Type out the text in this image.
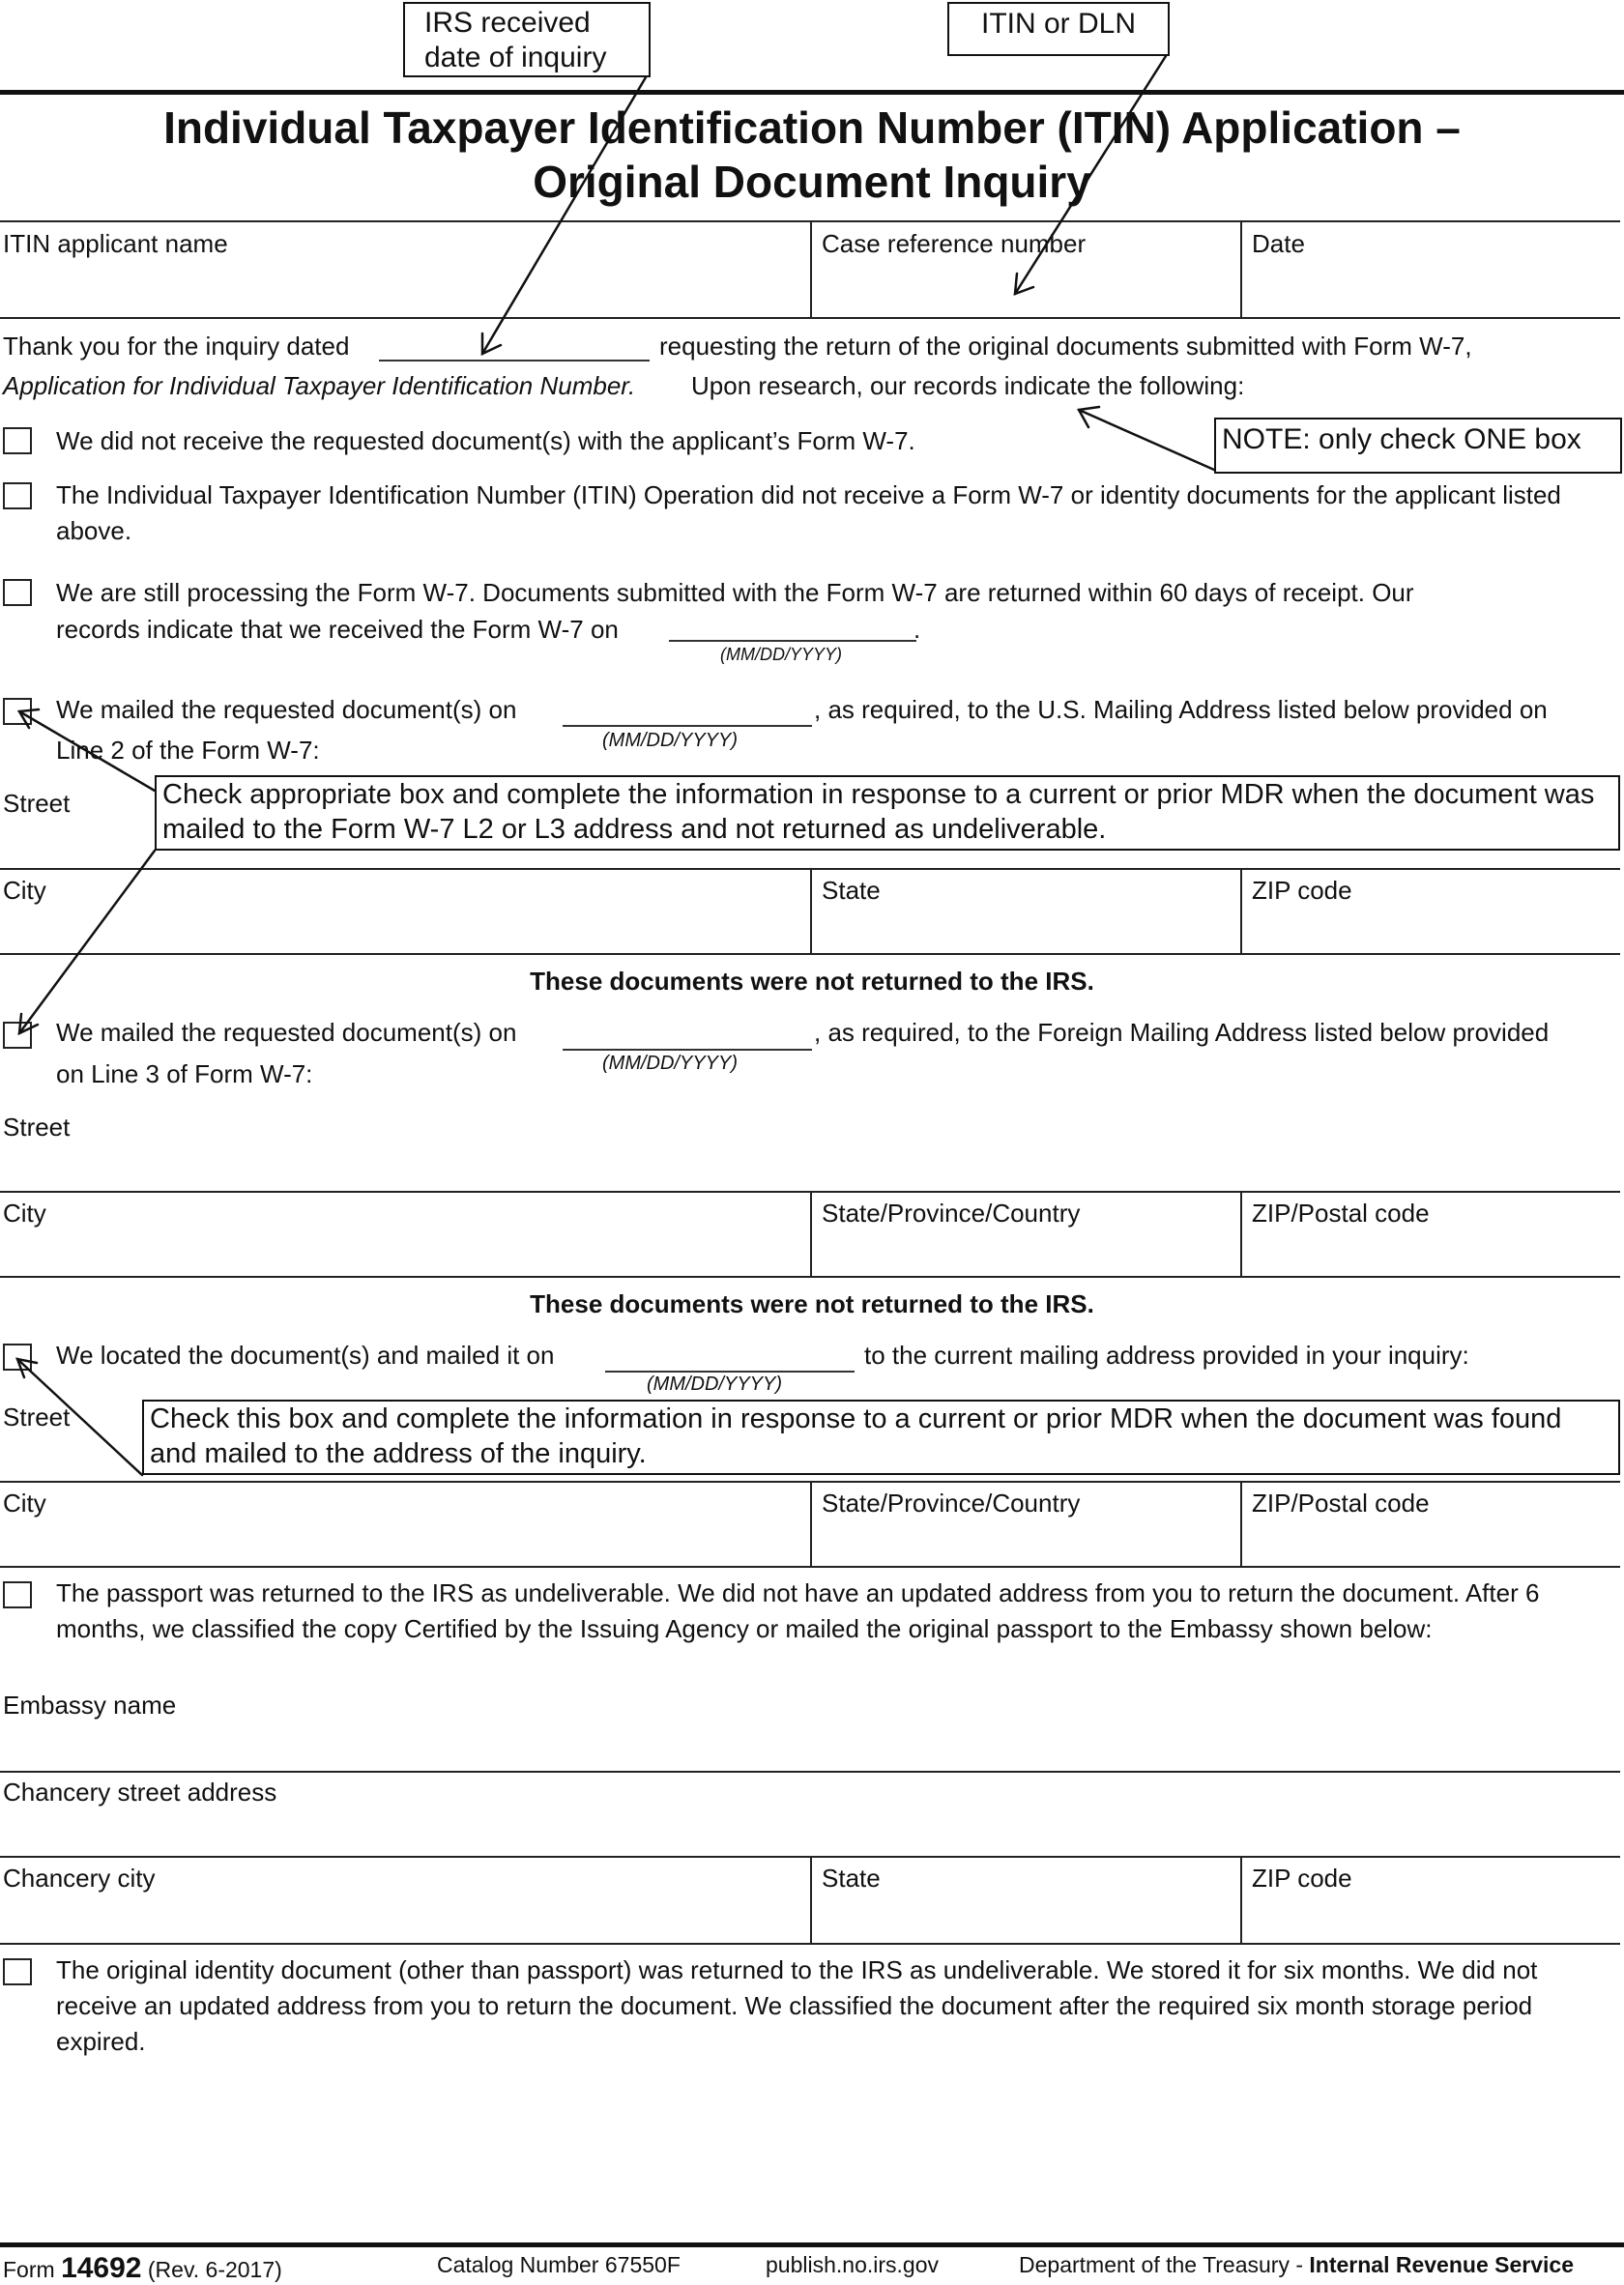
IRS received date of inquiry
ITIN or DLN
Individual Taxpayer Identification Number (ITIN) Application –
Original Document Inquiry
ITIN applicant name	Case reference number	Date
Thank you for the inquiry dated	requesting the return of the original documents submitted with Form W-7,
Application for Individual Taxpayer Identification Number. Upon research, our records indicate the following:
NOTE: only check ONE box
We did not receive the requested document(s) with the applicant’s Form W-7.
The Individual Taxpayer Identification Number (ITIN) Operation did not receive a Form W-7 or identity documents for the applicant listed above.
We are still processing the Form W-7. Documents submitted with the Form W-7 are returned within 60 days of receipt. Our
records indicate that we received the Form W-7 on	.
(MM/DD/YYYY)
We mailed the requested document(s) on	, as required, to the U.S. Mailing Address listed below provided on
(MM/DD/YYYY)
Line 2 of the Form W-7:
Street	Check appropriate box and complete the information in response to a current or prior MDR when the document was mailed to the Form W-7 L2 or L3 address and not returned as undeliverable.
City	State	ZIP code
These documents were not returned to the IRS.
We mailed the requested document(s) on	, as required, to the Foreign Mailing Address listed below provided
(MM/DD/YYYY)
on Line 3 of Form W-7:
Street
City	State/Province/Country	ZIP/Postal code
These documents were not returned to the IRS.
We located the document(s) and mailed it on	to the current mailing address provided in your inquiry:
(MM/DD/YYYY)
Street	Check this box and complete the information in response to a current or prior MDR when the document was found and mailed to the address of the inquiry.
City	State/Province/Country	ZIP/Postal code
The passport was returned to the IRS as undeliverable. We did not have an updated address from you to return the document. After 6 months, we classified the copy Certified by the Issuing Agency or mailed the original passport to the Embassy shown below:
Embassy name
Chancery street address
Chancery city	State	ZIP code
The original identity document (other than passport) was returned to the IRS as undeliverable. We stored it for six months. We did not receive an updated address from you to return the document. We classified the document after the required six month storage period expired.
Form 14692 (Rev. 6-2017)	Catalog Number 67550F	publish.no.irs.gov	Department of the Treasury - Internal Revenue Service
